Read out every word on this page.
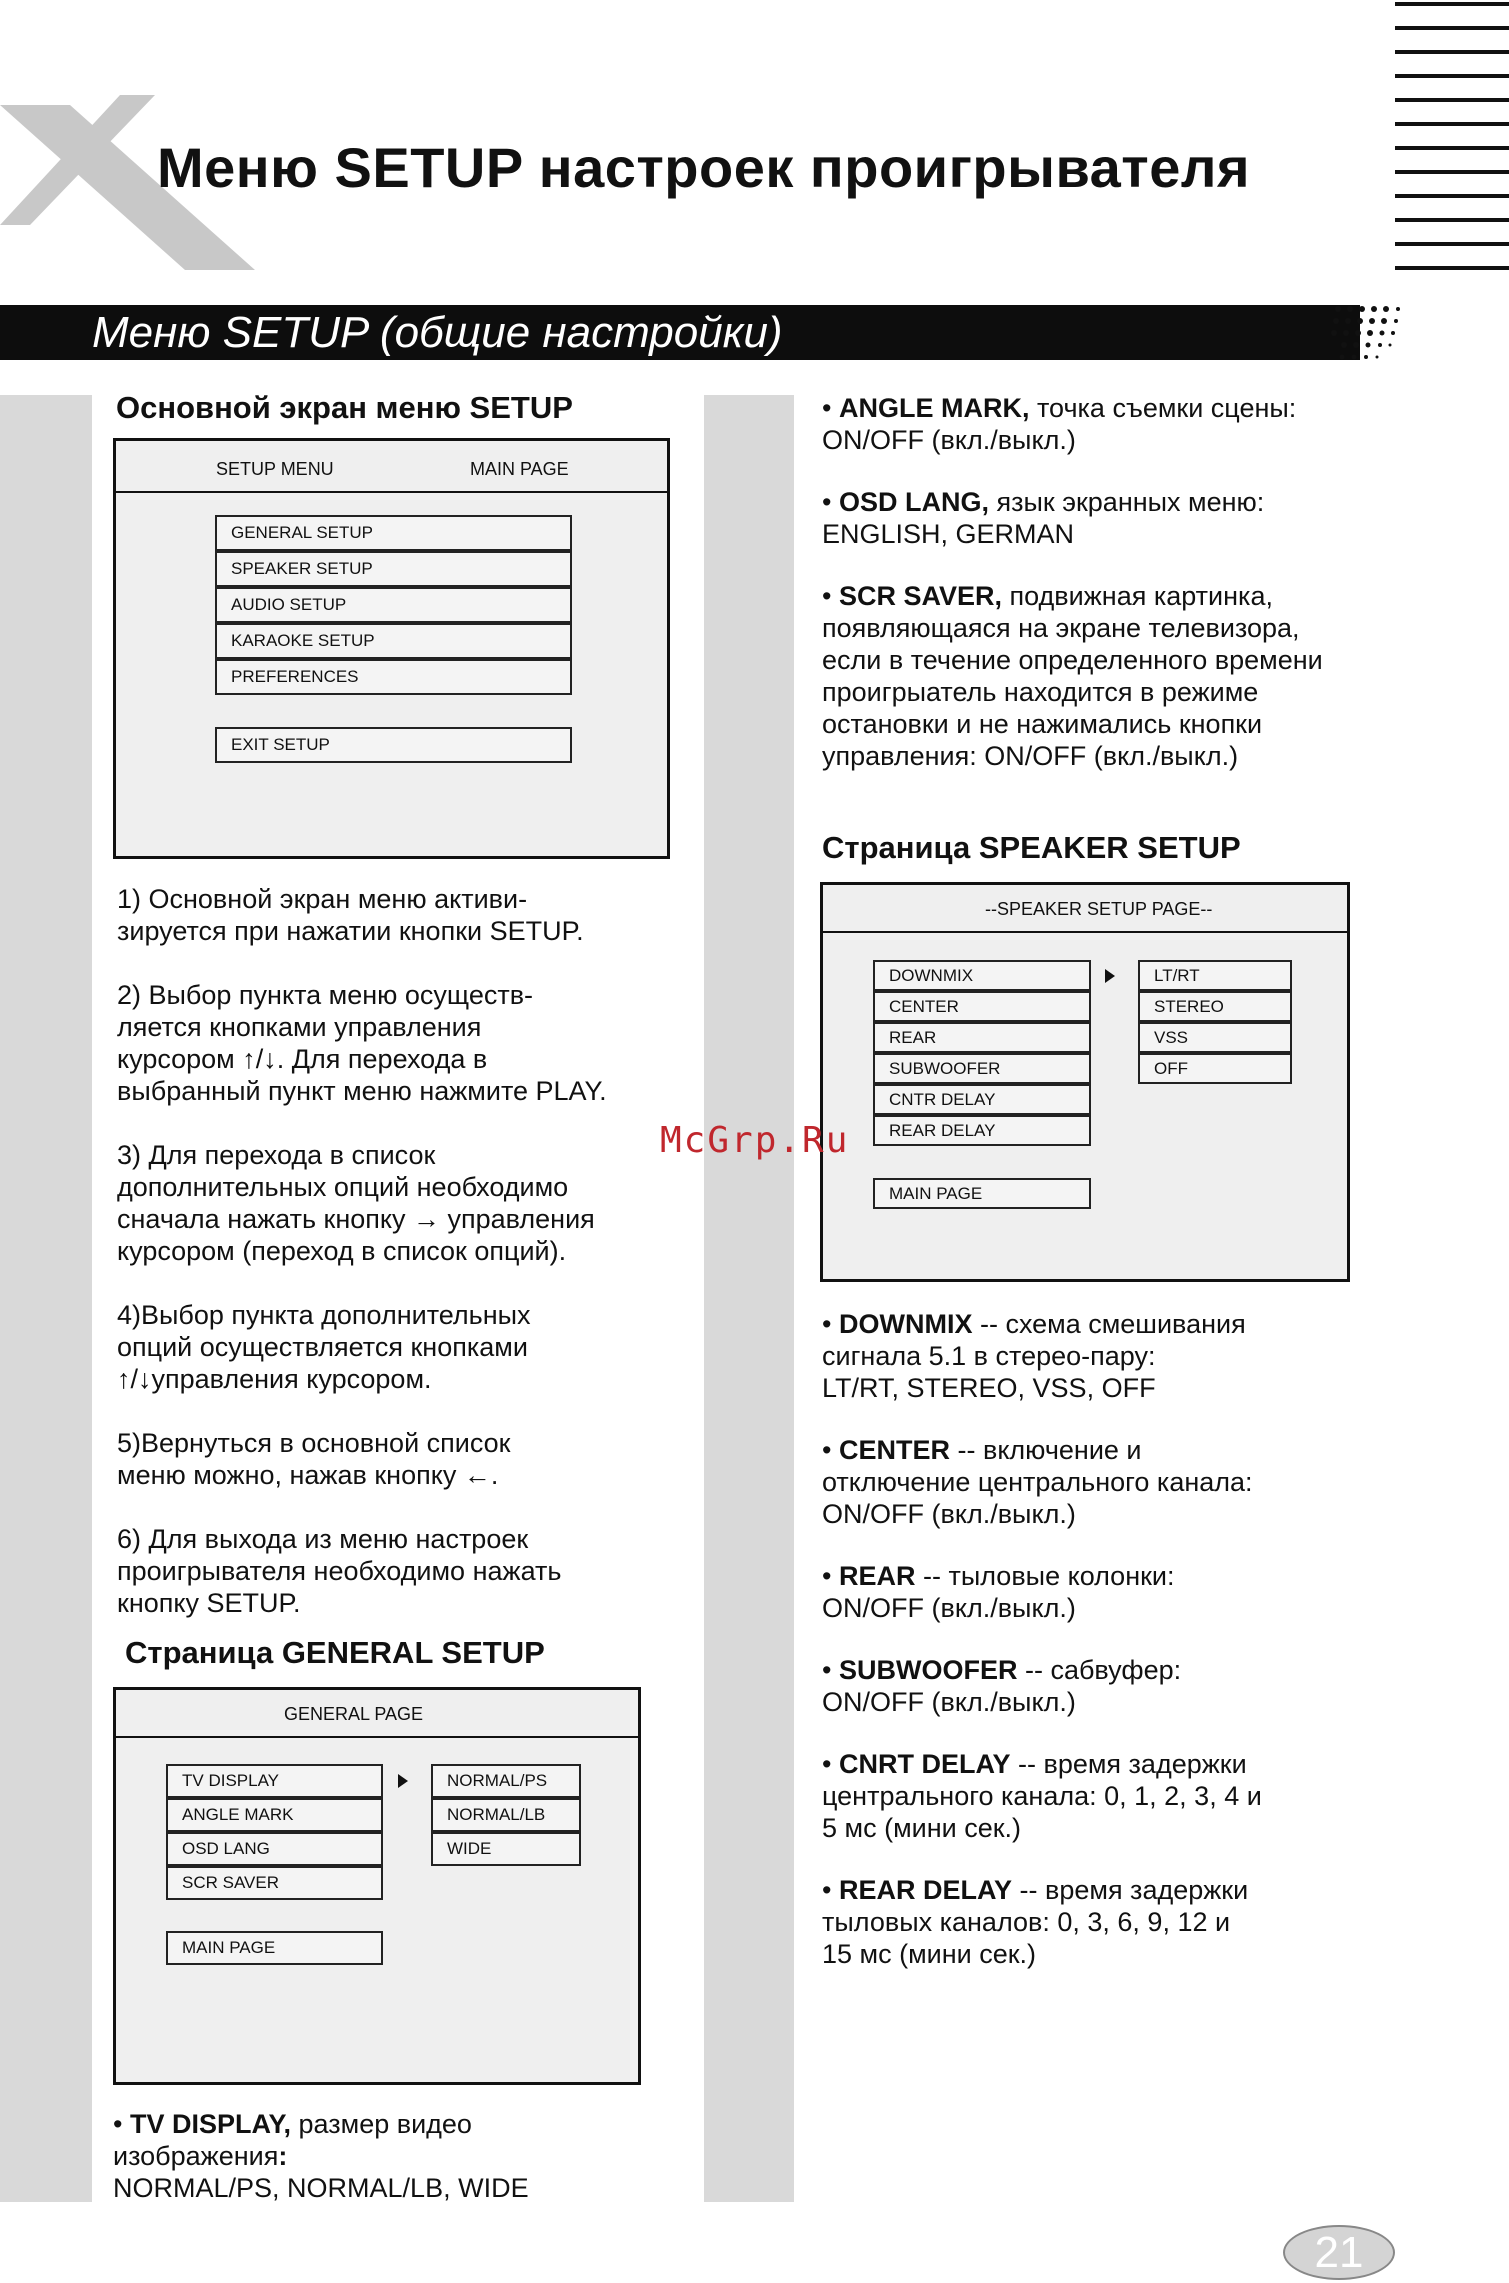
Меню SETUP настроек проигрывателя
Меню SETUP (общие настройки)
Основной экран меню SETUP
SETUP MENU	MAIN PAGE
GENERAL SETUP
SPEAKER SETUP
AUDIO SETUP
KARAOKE SETUP
PREFERENCES
EXIT SETUP
1) Основной экран меню активи-
зируется при нажатии кнопки SETUP.
2) Выбор пункта меню осуществ-
ляется кнопками управления
курсором ↑/↓. Для перехода в
выбранный пункт меню нажмите PLAY.
3) Для перехода в список
дополнительных опций необходимо
сначала нажать кнопку → управления
курсором (переход в список опций).
4)Выбор пункта дополнительных
опций осуществляется кнопками
↑/↓управления курсором.
5)Вернуться в основной список
меню можно, нажав кнопку ←.
6) Для выхода из меню настроек
проигрывателя необходимо нажать
кнопку SETUP.
Страница GENERAL SETUP
GENERAL PAGE
TV DISPLAY
ANGLE MARK
OSD LANG
SCR SAVER
NORMAL/PS
NORMAL/LB
WIDE
MAIN PAGE
• TV DISPLAY, размер видео
изображения:
NORMAL/PS, NORMAL/LB, WIDE
• ANGLE MARK, точка съемки сцены:
ON/OFF (вкл./выкл.)
• OSD LANG, язык экранных меню:
ENGLISH, GERMAN
• SCR SAVER, подвижная картинка,
появляющаяся на экране телевизора,
если в течение определенного времени
проигрыатель находится в режиме
остановки и не нажимались кнопки
управления: ON/OFF (вкл./выкл.)
Страница SPEAKER SETUP
--SPEAKER SETUP PAGE--
DOWNMIX
CENTER
REAR
SUBWOOFER
CNTR DELAY
REAR DELAY
LT/RT
STEREO
VSS
OFF
MAIN PAGE
McGrp.Ru
• DOWNMIX -- схема смешивания
сигнала 5.1 в стерео-пару:
LT/RT, STEREO, VSS, OFF
• CENTER -- включение и
отключение центрального канала:
ON/OFF (вкл./выкл.)
• REAR -- тыловые колонки:
ON/OFF (вкл./выкл.)
• SUBWOOFER -- сабвуфер:
ON/OFF (вкл./выкл.)
• CNRT DELAY -- время задержки
центрального канала: 0, 1, 2, 3, 4 и
5 мс (мини сек.)
• REAR DELAY -- время задержки
тыловых каналов: 0, 3, 6, 9, 12 и
15 мс (мини сек.)
21
